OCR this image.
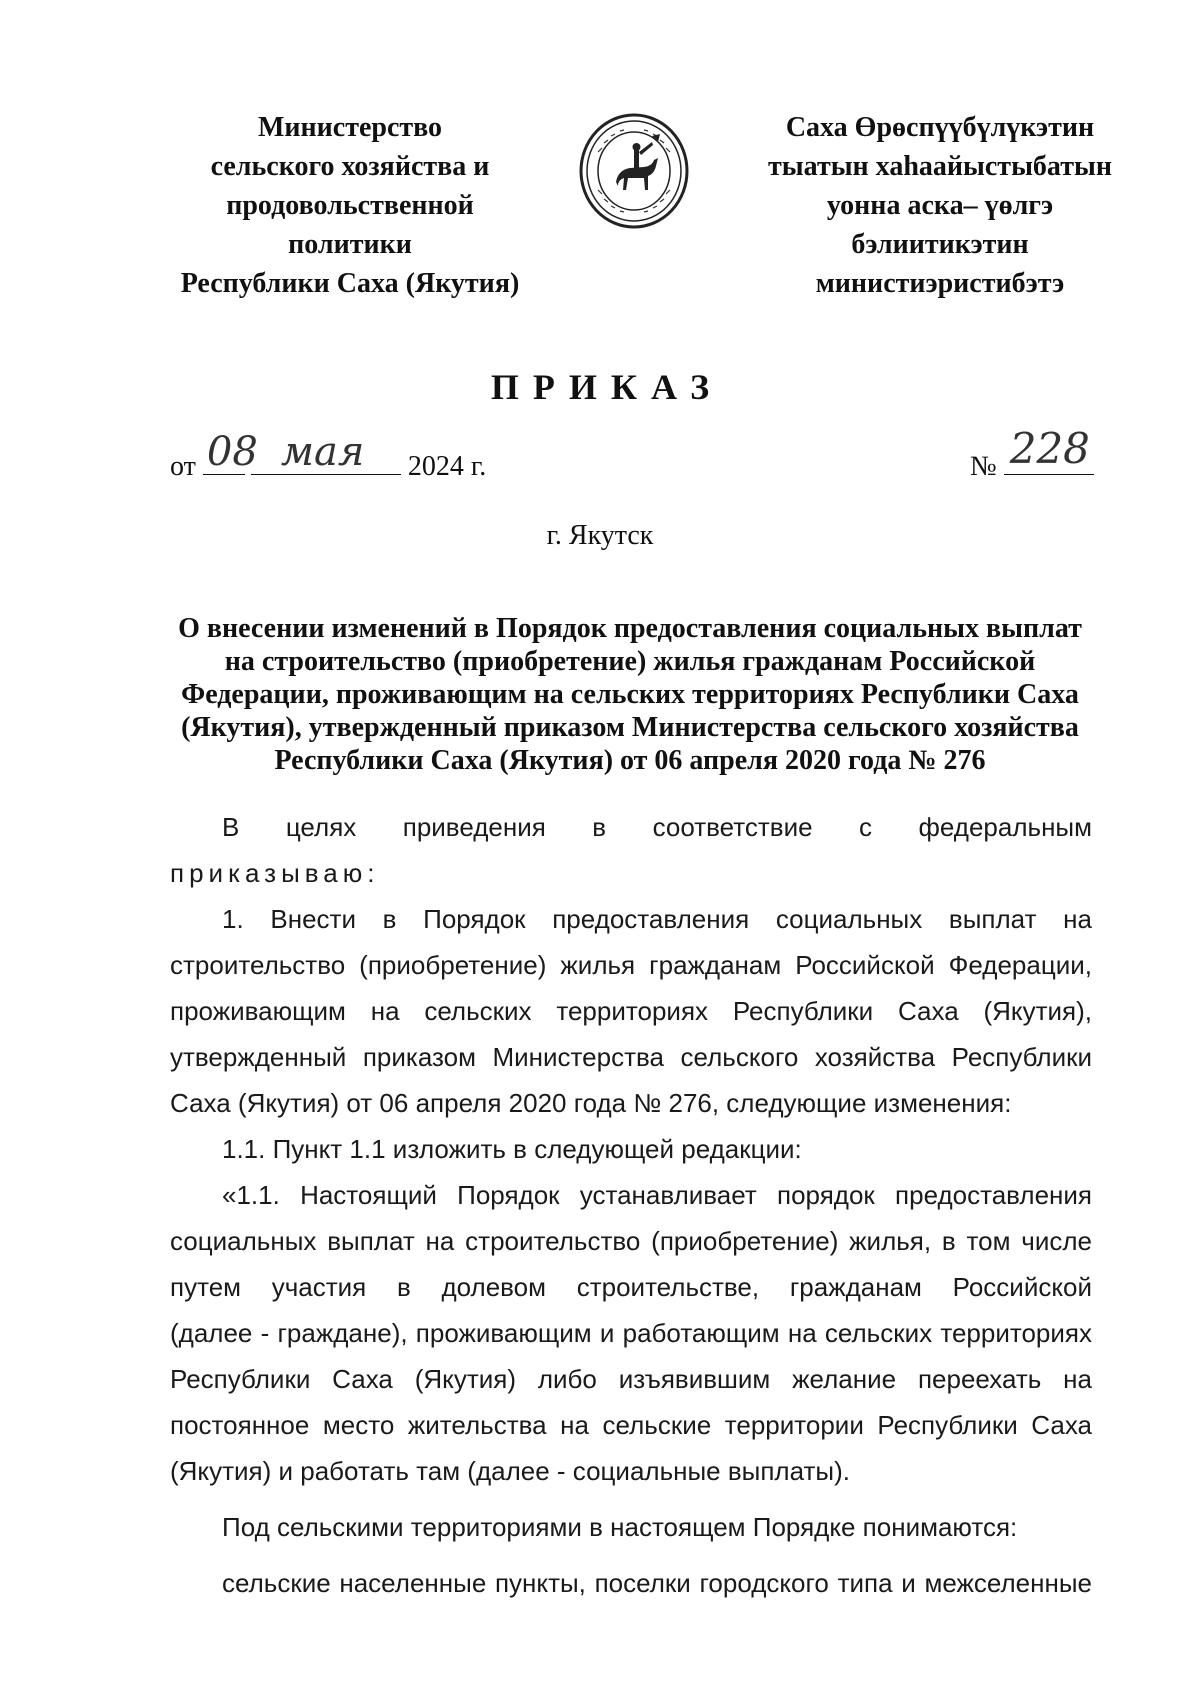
Министерство
сельского хозяйства и
продовольственной
политики
Республики Саха (Якутия)
Саха Өрөспүүбүлүкэтин
тыатын хаһаайыстыбатын
уонна аска– үөлгэ
бэлиитикэтин
министиэристибэтэ
ПРИКАЗ
от 08 мая 2024 г.	№ 228
г. Якутск
О внесении изменений в Порядок предоставления социальных выплат
на строительство (приобретение) жилья гражданам Российской
Федерации, проживающим на сельских территориях Республики Саха
(Якутия), утвержденный приказом Министерства сельского хозяйства
Республики Саха (Якутия) от 06 апреля 2020 года № 276
В целях приведения в соответствие с федеральным
приказываю:
1. Внести в Порядок предоставления социальных выплат на
строительство (приобретение) жилья гражданам Российской Федерации,
проживающим на сельских территориях Республики Саха (Якутия),
утвержденный приказом Министерства сельского хозяйства Республики
Саха (Якутия) от 06 апреля 2020 года № 276, следующие изменения:
1.1. Пункт 1.1 изложить в следующей редакции:
«1.1. Настоящий Порядок устанавливает порядок предоставления
социальных выплат на строительство (приобретение) жилья, в том числе
путем участия в долевом строительстве, гражданам Российской
(далее - граждане), проживающим и работающим на сельских территориях
Республики Саха (Якутия) либо изъявившим желание переехать на
постоянное место жительства на сельские территории Республики Саха
(Якутия) и работать там (далее - социальные выплаты).
Под сельскими территориями в настоящем Порядке понимаются:
сельские населенные пункты, поселки городского типа и межселенные
